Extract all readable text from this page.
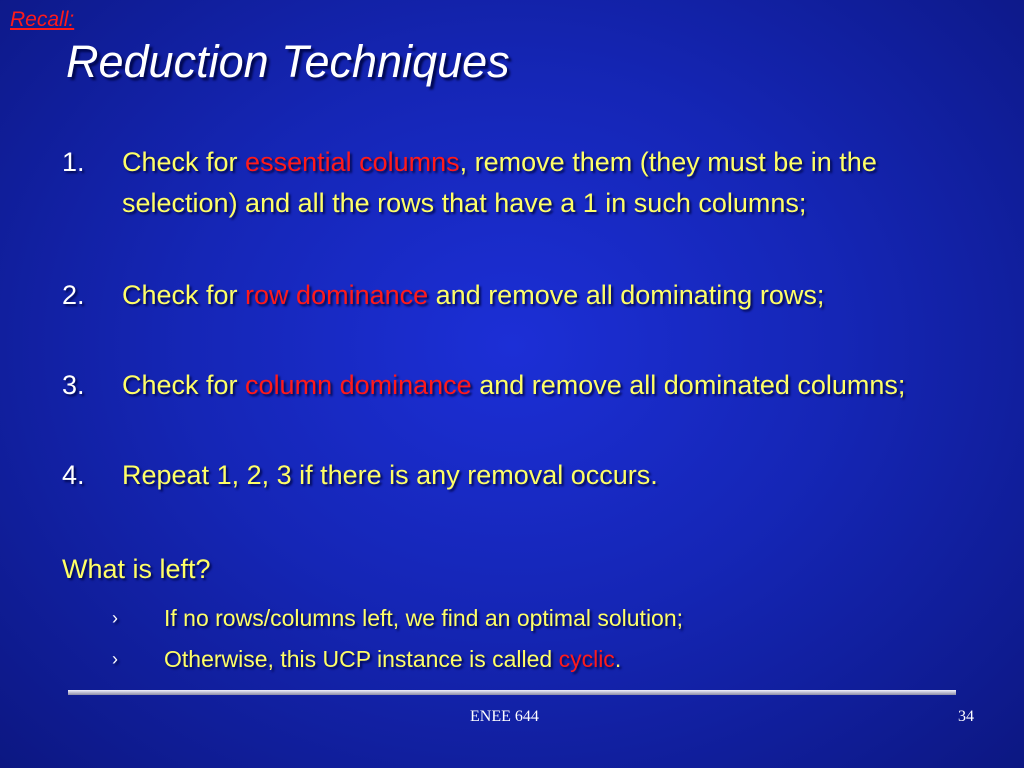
Recall:
Reduction Techniques
1. Check for essential columns, remove them (they must be in the selection) and all the rows that have a 1 in such columns;
2. Check for row dominance and remove all dominating rows;
3. Check for column dominance and remove all dominated columns;
4. Repeat 1, 2, 3 if there is any removal occurs.
What is left?
› If no rows/columns left, we find an optimal solution;
› Otherwise, this UCP instance is called cyclic.
ENEE 644	34
